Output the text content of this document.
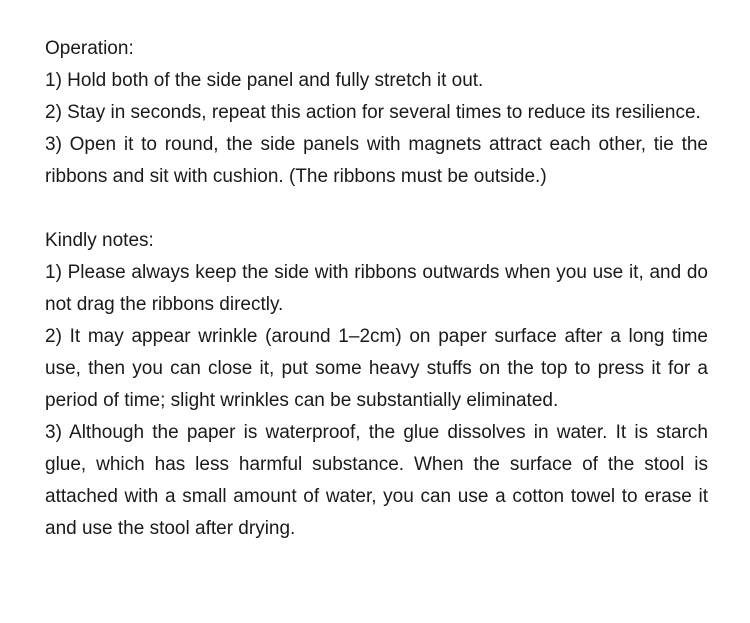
Operation:

1) Hold both of the side panel and fully stretch it out.

2) Stay in seconds, repeat this action for several times to reduce its resilience.

3) Open it to round, the side panels with magnets attract each other, tie the ribbons and sit with cushion. (The ribbons must be outside.)

Kindly notes:

1) Please always keep the side with ribbons outwards when you use it, and do not drag the ribbons directly.

2) It may appear wrinkle (around 1–2cm) on paper surface after a long time use, then you can close it, put some heavy stuffs on the top to press it for a period of time; slight wrinkles can be substantially eliminated.

3) Although the paper is waterproof, the glue dissolves in water. It is starch glue, which has less harmful substance. When the surface of the stool is attached with a small amount of water, you can use a cotton towel to erase it and use the stool after drying.
